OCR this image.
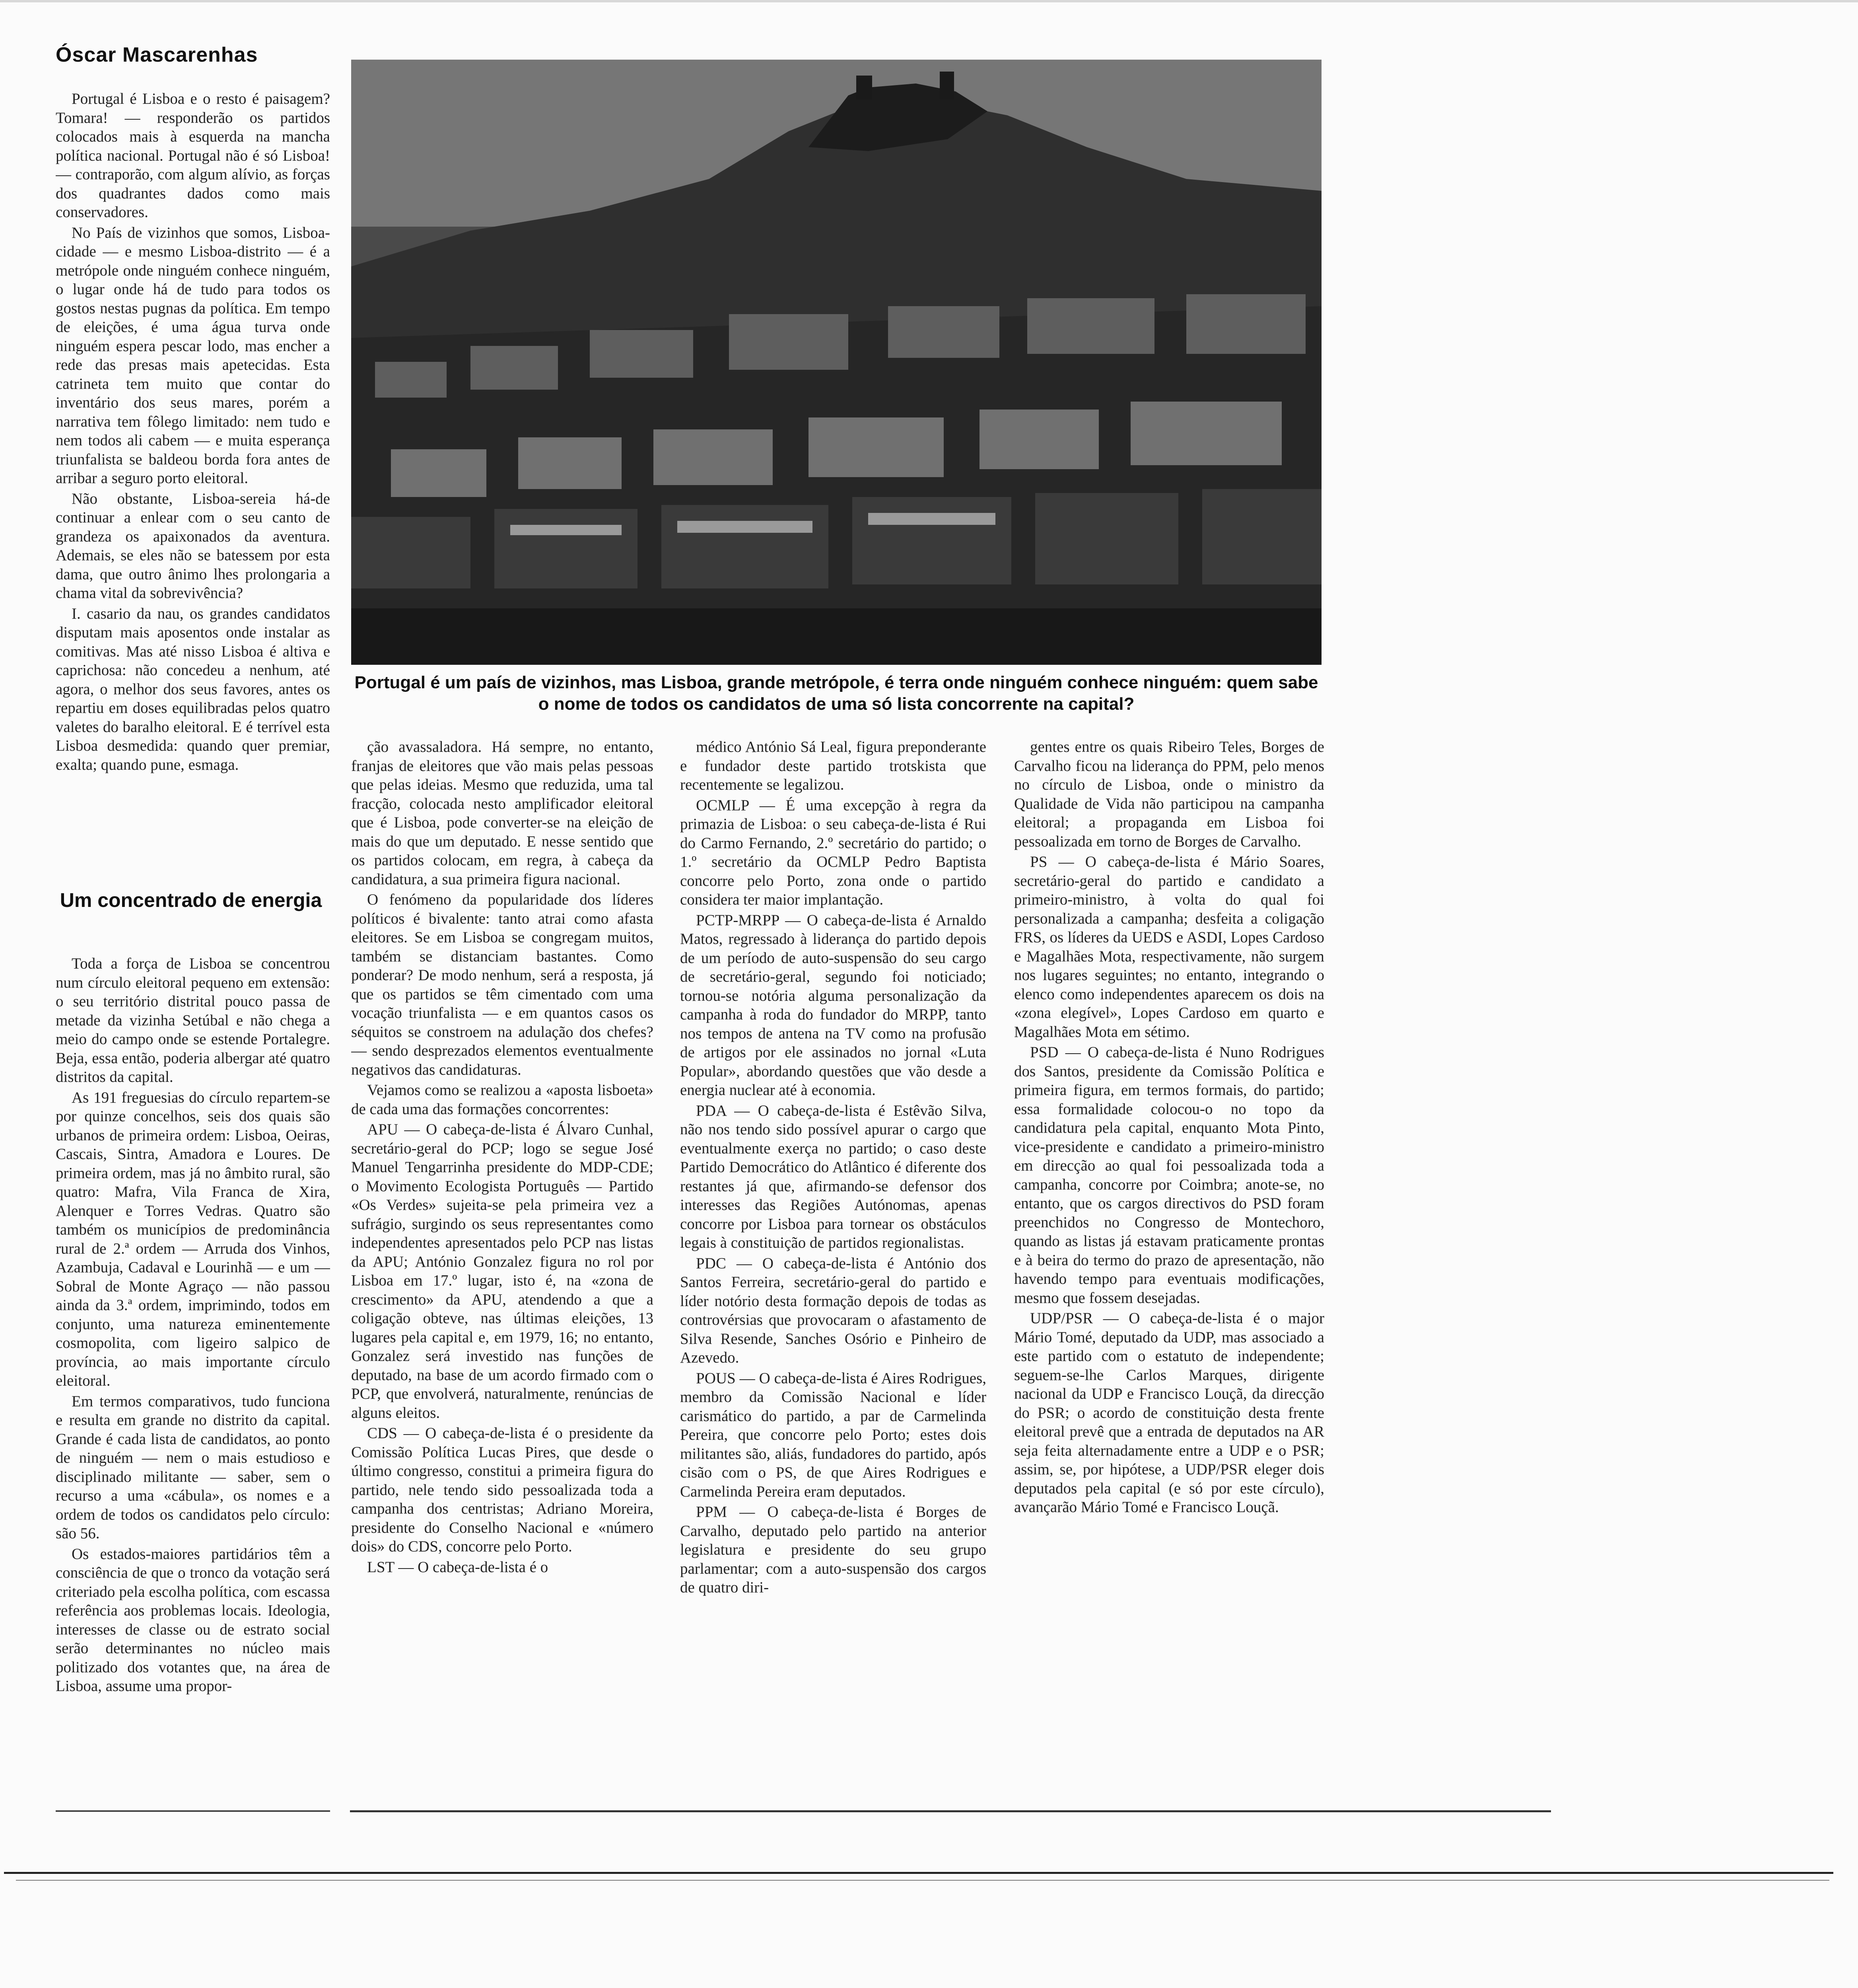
Óscar Mascarenhas

Portugal é Lisboa e o resto é paisagem? Tomara! — responderão os partidos colocados mais à esquerda na mancha política nacional. Portugal não é só Lisboa! — contraporão, com algum alívio, as forças dos quadrantes dados como mais conservadores.

No País de vizinhos que somos, Lisboa-cidade — e mesmo Lisboa-distrito — é a metrópole onde ninguém conhece ninguém, o lugar onde há de tudo para todos os gostos nestas pugnas da política. Em tempo de eleições, é uma água turva onde ninguém espera pescar lodo, mas encher a rede das presas mais apetecidas. Esta catrineta tem muito que contar do inventário dos seus mares, porém a narrativa tem fôlego limitado: nem tudo e nem todos ali cabem — e muita esperança triunfalista se baldeou borda fora antes de arribar a seguro porto eleitoral.

Não obstante, Lisboa-sereia há-de continuar a enlear com o seu canto de grandeza os apaixonados da aventura. Ademais, se eles não se batessem por esta dama, que outro ânimo lhes prolongaria a chama vital da sobrevivência?

I. casario da nau, os grandes candidatos disputam mais aposentos onde instalar as comitivas. Mas até nisso Lisboa é altiva e caprichosa: não concedeu a nenhum, até agora, o melhor dos seus favores, antes os repartiu em doses equilibradas pelos quatro valetes do baralho eleitoral. E é terrível esta Lisboa desmedida: quando quer premiar, exalta; quando pune, esmaga.

Um concentrado de energia

Toda a força de Lisboa se concentrou num círculo eleitoral pequeno em extensão: o seu território distrital pouco passa de metade da vizinha Setúbal e não chega a meio do campo onde se estende Portalegre. Beja, essa então, poderia albergar até quatro distritos da capital.

As 191 freguesias do círculo repartem-se por quinze concelhos, seis dos quais são urbanos de primeira ordem: Lisboa, Oeiras, Cascais, Sintra, Amadora e Loures. De primeira ordem, mas já no âmbito rural, são quatro: Mafra, Vila Franca de Xira, Alenquer e Torres Vedras. Quatro são também os municípios de predominância rural de 2.ª ordem — Arruda dos Vinhos, Azambuja, Cadaval e Lourinhã — e um — Sobral de Monte Agraço — não passou ainda da 3.ª ordem, imprimindo, todos em conjunto, uma natureza eminentemente cosmopolita, com ligeiro salpico de província, ao mais importante círculo eleitoral.

Em termos comparativos, tudo funciona e resulta em grande no distrito da capital. Grande é cada lista de candidatos, ao ponto de ninguém — nem o mais estudioso e disciplinado militante — saber, sem o recurso a uma «cábula», os nomes e a ordem de todos os candidatos pelo círculo: são 56.

Os estados-maiores partidários têm a consciência de que o tronco da votação será criteriado pela escolha política, com escassa referência aos problemas locais. Ideologia, interesses de classe ou de estrato social serão determinantes no núcleo mais politizado dos votantes que, na área de Lisboa, assume uma propor-

Portugal é um país de vizinhos, mas Lisboa, grande metrópole, é terra onde ninguém conhece ninguém: quem sabe o nome de todos os candidatos de uma só lista concorrente na capital?

ção avassaladora. Há sempre, no entanto, franjas de eleitores que vão mais pelas pessoas que pelas ideias. Mesmo que reduzida, uma tal fracção, colocada nesto amplificador eleitoral que é Lisboa, pode converter-se na eleição de mais do que um deputado. E nesse sentido que os partidos colocam, em regra, à cabeça da candidatura, a sua primeira figura nacional.

O fenómeno da popularidade dos líderes políticos é bivalente: tanto atrai como afasta eleitores. Se em Lisboa se congregam muitos, também se distanciam bastantes. Como ponderar? De modo nenhum, será a resposta, já que os partidos se têm cimentado com uma vocação triunfalista — e em quantos casos os séquitos se constroem na adulação dos chefes? — sendo desprezados elementos eventualmente negativos das candidaturas.

Vejamos como se realizou a «aposta lisboeta» de cada uma das formações concorrentes:

APU — O cabeça-de-lista é Álvaro Cunhal, secretário-geral do PCP; logo se segue José Manuel Tengarrinha presidente do MDP-CDE; o Movimento Ecologista Português — Partido «Os Verdes» sujeita-se pela primeira vez a sufrágio, surgindo os seus representantes como independentes apresentados pelo PCP nas listas da APU; António Gonzalez figura no rol por Lisboa em 17.º lugar, isto é, na «zona de crescimento» da APU, atendendo a que a coligação obteve, nas últimas eleições, 13 lugares pela capital e, em 1979, 16; no entanto, Gonzalez será investido nas funções de deputado, na base de um acordo firmado com o PCP, que envolverá, naturalmente, renúncias de alguns eleitos.

CDS — O cabeça-de-lista é o presidente da Comissão Política Lucas Pires, que desde o último congresso, constitui a primeira figura do partido, nele tendo sido pessoalizada toda a campanha dos centristas; Adriano Moreira, presidente do Conselho Nacional e «número dois» do CDS, concorre pelo Porto.

LST — O cabeça-de-lista é o

médico António Sá Leal, figura preponderante e fundador deste partido trotskista que recentemente se legalizou.

OCMLP — É uma excepção à regra da primazia de Lisboa: o seu cabeça-de-lista é Rui do Carmo Fernando, 2.º secretário do partido; o 1.º secretário da OCMLP Pedro Baptista concorre pelo Porto, zona onde o partido considera ter maior implantação.

PCTP-MRPP — O cabeça-de-lista é Arnaldo Matos, regressado à liderança do partido depois de um período de auto-suspensão do seu cargo de secretário-geral, segundo foi noticiado; tornou-se notória alguma personalização da campanha à roda do fundador do MRPP, tanto nos tempos de antena na TV como na profusão de artigos por ele assinados no jornal «Luta Popular», abordando questões que vão desde a energia nuclear até à economia.

PDA — O cabeça-de-lista é Estêvão Silva, não nos tendo sido possível apurar o cargo que eventualmente exerça no partido; o caso deste Partido Democrático do Atlântico é diferente dos restantes já que, afirmando-se defensor dos interesses das Regiões Autónomas, apenas concorre por Lisboa para tornear os obstáculos legais à constituição de partidos regionalistas.

PDC — O cabeça-de-lista é António dos Santos Ferreira, secretário-geral do partido e líder notório desta formação depois de todas as controvérsias que provocaram o afastamento de Silva Resende, Sanches Osório e Pinheiro de Azevedo.

POUS — O cabeça-de-lista é Aires Rodrigues, membro da Comissão Nacional e líder carismático do partido, a par de Carmelinda Pereira, que concorre pelo Porto; estes dois militantes são, aliás, fundadores do partido, após cisão com o PS, de que Aires Rodrigues e Carmelinda Pereira eram deputados.

PPM — O cabeça-de-lista é Borges de Carvalho, deputado pelo partido na anterior legislatura e presidente do seu grupo parlamentar; com a auto-suspensão dos cargos de quatro diri-

gentes entre os quais Ribeiro Teles, Borges de Carvalho ficou na liderança do PPM, pelo menos no círculo de Lisboa, onde o ministro da Qualidade de Vida não participou na campanha eleitoral; a propaganda em Lisboa foi pessoalizada em torno de Borges de Carvalho.

PS — O cabeça-de-lista é Mário Soares, secretário-geral do partido e candidato a primeiro-ministro, à volta do qual foi personalizada a campanha; desfeita a coligação FRS, os líderes da UEDS e ASDI, Lopes Cardoso e Magalhães Mota, respectivamente, não surgem nos lugares seguintes; no entanto, integrando o elenco como independentes aparecem os dois na «zona elegível», Lopes Cardoso em quarto e Magalhães Mota em sétimo.

PSD — O cabeça-de-lista é Nuno Rodrigues dos Santos, presidente da Comissão Política e primeira figura, em termos formais, do partido; essa formalidade colocou-o no topo da candidatura pela capital, enquanto Mota Pinto, vice-presidente e candidato a primeiro-ministro em direcção ao qual foi pessoalizada toda a campanha, concorre por Coimbra; anote-se, no entanto, que os cargos directivos do PSD foram preenchidos no Congresso de Montechoro, quando as listas já estavam praticamente prontas e à beira do termo do prazo de apresentação, não havendo tempo para eventuais modificações, mesmo que fossem desejadas.

UDP/PSR — O cabeça-de-lista é o major Mário Tomé, deputado da UDP, mas associado a este partido com o estatuto de independente; seguem-se-lhe Carlos Marques, dirigente nacional da UDP e Francisco Louçã, da direcção do PSR; o acordo de constituição desta frente eleitoral prevê que a entrada de deputados na AR seja feita alternadamente entre a UDP e o PSR; assim, se, por hipótese, a UDP/PSR eleger dois deputados pela capital (e só por este círculo), avançarão Mário Tomé e Francisco Louçã.
